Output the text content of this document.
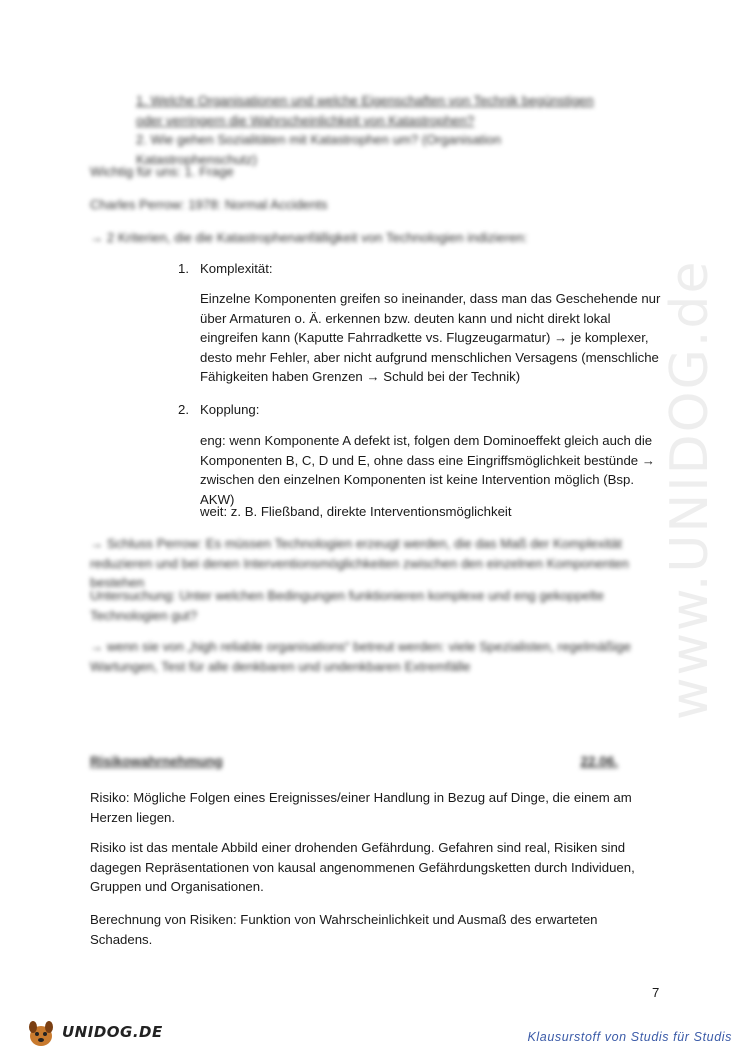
www.UNIDOG.de
1. Welche Organisationen und welche Eigenschaften von Technik begünstigen oder verringern die Wahrscheinlichkeit von Katastrophen?
2. Wie gehen Sozialitäten mit Katastrophen um? (Organisation Katastrophenschutz)
Wichtig für uns: 1. Frage
Charles Perrow: 1978: Normal Accidents
→ 2 Kriterien, die die Katastrophenanfälligkeit von Technologien indizieren:
1. Komplexität:
Einzelne Komponenten greifen so ineinander, dass man das Geschehende nur über Armaturen o. Ä. erkennen bzw. deuten kann und nicht direkt lokal eingreifen kann (Kaputte Fahrradkette vs. Flugzeugarmatur) → je komplexer, desto mehr Fehler, aber nicht aufgrund menschlichen Versagens (menschliche Fähigkeiten haben Grenzen → Schuld bei der Technik)
2. Kopplung:
eng: wenn Komponente A defekt ist, folgen dem Dominoeffekt gleich auch die Komponenten B, C, D und E, ohne dass eine Eingriffsmöglichkeit bestünde → zwischen den einzelnen Komponenten ist keine Intervention möglich (Bsp. AKW)
weit: z. B. Fließband, direkte Interventionsmöglichkeit
→ Schluss Perrow: Es müssen Technologien erzeugt werden, die das Maß der Komplexität reduzieren und bei denen Interventionsmöglichkeiten zwischen den einzelnen Komponenten bestehen
Untersuchung: Unter welchen Bedingungen funktionieren komplexe und eng gekoppelte Technologien gut?
→ wenn sie von „high reliable organisations“ betreut werden: viele Spezialisten, regelmäßige Wartungen, Test für alle denkbaren und undenkbaren Extremfälle
Risikowahrnehmung	22.06.
Risiko: Mögliche Folgen eines Ereignisses/einer Handlung in Bezug auf Dinge, die einem am Herzen liegen.
Risiko ist das mentale Abbild einer drohenden Gefährdung. Gefahren sind real, Risiken sind dagegen Repräsentationen von kausal angenommenen Gefährdungsketten durch Individuen, Gruppen und Organisationen.
Berechnung von Risiken: Funktion von Wahrscheinlichkeit und Ausmaß des erwarteten Schadens.
7
UNIDOG.DE	Klausurstoff von Studis für Studis
